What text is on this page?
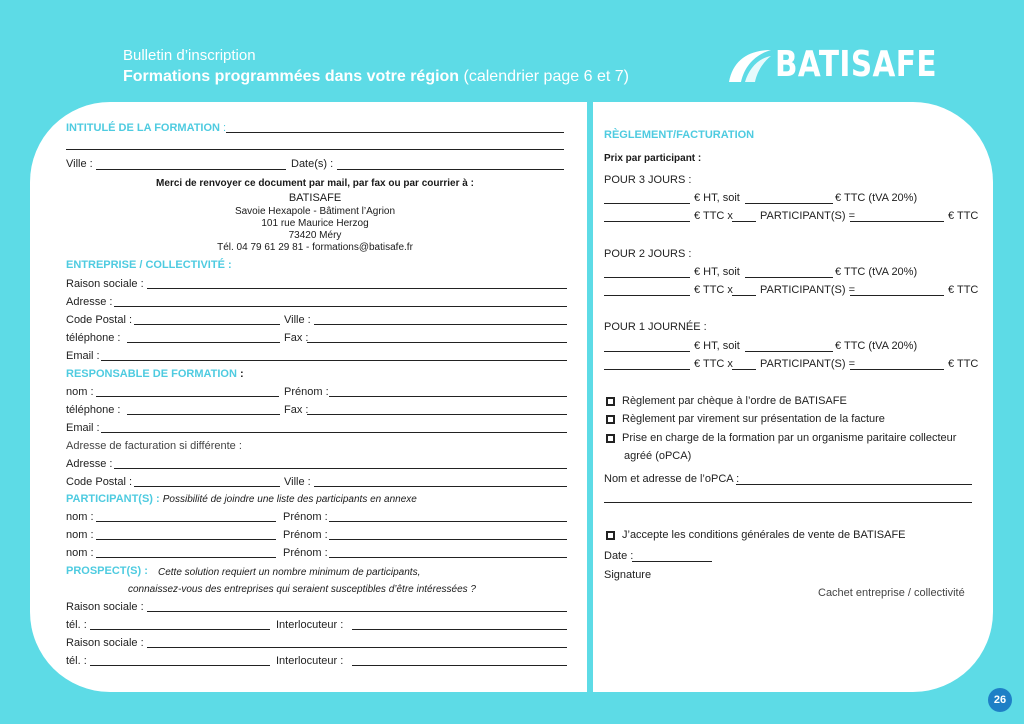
Bulletin d’inscription
Formations programmées dans votre région (calendrier page 6 et 7)	BATISAFE
INTITULÉ DE LA FORMATION :
Ville :	Date(s) :
Merci de renvoyer ce document par mail, par fax ou par courrier à :
BATISAFE
Savoie Hexapole - Bâtiment l’Agrion
101 rue Maurice Herzog
73420 Méry
Tél. 04 79 61 29 81 - formations@batisafe.fr
ENTREPRISE / COLLECTIVITÉ :
Raison sociale :
Adresse :
Code Postal :	Ville :
téléphone :	Fax :
Email :
RESPONSABLE DE FORMATION :
nom :	Prénom :
téléphone :	Fax :
Email :
Adresse de facturation si différente :
Adresse :
Code Postal :	Ville :
PARTICIPANT(S) : Possibilité de joindre une liste des participants en annexe
nom :	Prénom :
nom :	Prénom :
nom :	Prénom :
PROSPECT(S) : Cette solution requiert un nombre minimum de participants,
connaissez-vous des entreprises qui seraient susceptibles d’être intéressées ?
Raison sociale :
tél. :	Interlocuteur :
Raison sociale :
tél. :	Interlocuteur :
RÈGLEMENT/FACTURATION
Prix par participant :
POUR 3 JOURS :
€ HT, soit	€ TTC (tVA 20%)
€ TTC x PARTICIPANT(S) =	€ TTC
POUR 2 JOURS :
€ HT, soit	€ TTC (tVA 20%)
€ TTC x PARTICIPANT(S) =	€ TTC
POUR 1 JOURNÉE :
€ HT, soit	€ TTC (tVA 20%)
€ TTC x PARTICIPANT(S) =	€ TTC
Règlement par chèque à l’ordre de BATISAFE
Règlement par virement sur présentation de la facture
Prise en charge de la formation par un organisme paritaire collecteur
agréé (oPCA)
Nom et adresse de l’oPCA :
J’accepte les conditions générales de vente de BATISAFE
Date :
Signature
Cachet entreprise / collectivité
26
